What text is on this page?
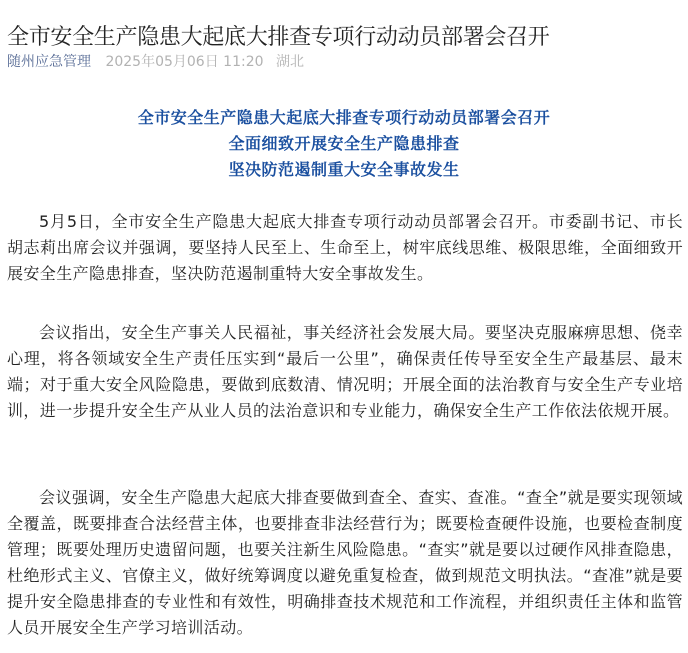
全市安全生产隐患大起底大排查专项行动动员部署会召开
随州应急管理 2025年05月06日 11:20 湖北
全市安全生产隐患大起底大排查专项行动动员部署会召开
全面细致开展安全生产隐患排查
坚决防范遏制重大安全事故发生

5月5日，全市安全生产隐患大起底大排查专项行动动员部署会召开。市委副书记、市长胡志莉出席会议并强调，要坚持人民至上、生命至上，树牢底线思维、极限思维，全面细致开展安全生产隐患排查，坚决防范遏制重特大安全事故发生。

会议指出，安全生产事关人民福祉，事关经济社会发展大局。要坚决克服麻痹思想、侥幸心理，将各领域安全生产责任压实到“最后一公里”，确保责任传导至安全生产最基层、最末端；对于重大安全风险隐患，要做到底数清、情况明；开展全面的法治教育与安全生产专业培训，进一步提升安全生产从业人员的法治意识和专业能力，确保安全生产工作依法依规开展。

会议强调，安全生产隐患大起底大排查要做到查全、查实、查准。“查全”就是要实现领域全覆盖，既要排查合法经营主体，也要排查非法经营行为；既要检查硬件设施，也要检查制度管理；既要处理历史遗留问题，也要关注新生风险隐患。“查实”就是要以过硬作风排查隐患，杜绝形式主义、官僚主义，做好统筹调度以避免重复检查，做到规范文明执法。“查准”就是要提升安全隐患排查的专业性和有效性，明确排查技术规范和工作流程，并组织责任主体和监管人员开展安全生产学习培训活动。
